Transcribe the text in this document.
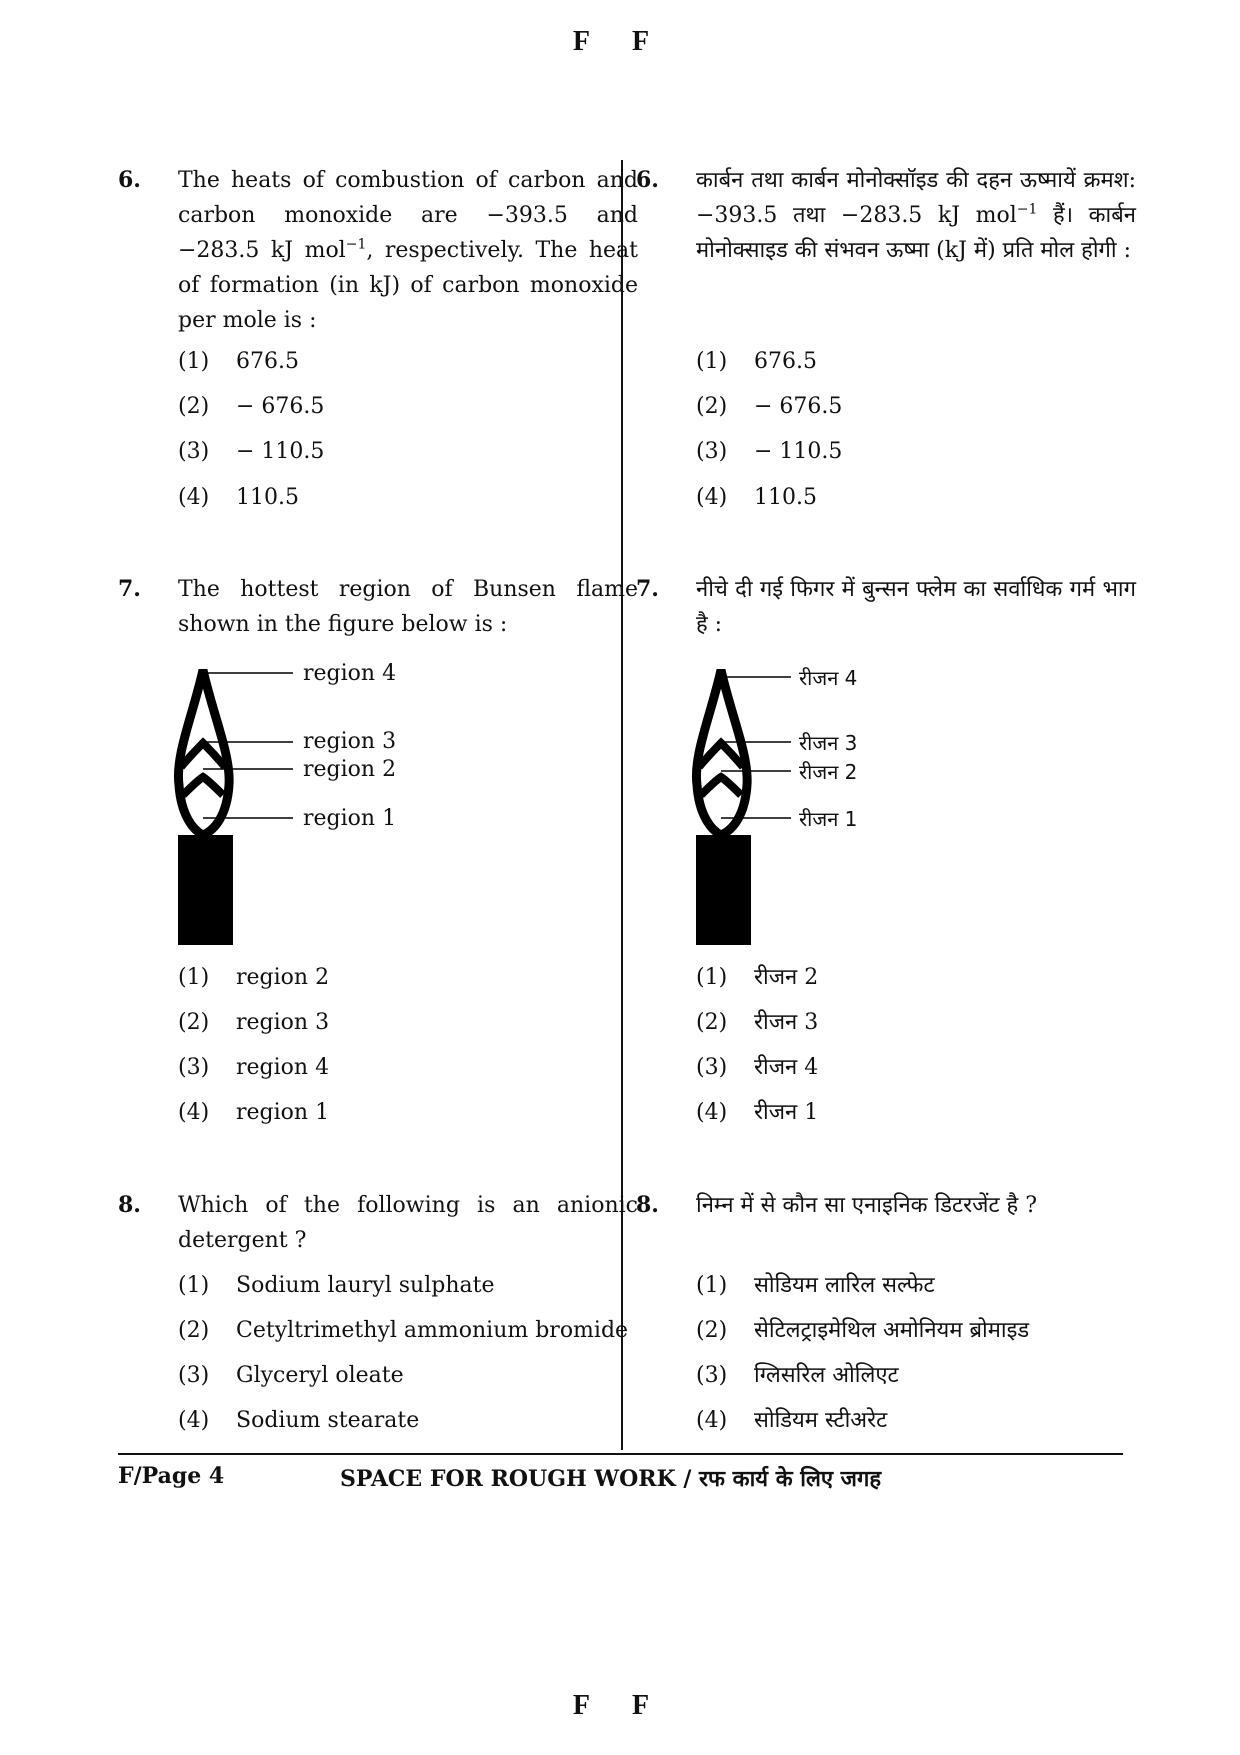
F F
6.	The heats of combustion of carbon and carbon monoxide are −393.5 and −283.5 kJ mol$^{-1}$, respectively. The heat of formation (in kJ) of carbon monoxide per mole is :
(1) 676.5
(2) − 676.5
(3) − 110.5
(4) 110.5
7.	The hottest region of Bunsen flame shown in the figure below is :
region 4
region 3
region 2
region 1
(1) region 2
(2) region 3
(3) region 4
(4) region 1
8.	Which of the following is an anionic detergent ?
(1) Sodium lauryl sulphate
(2) Cetyltrimethyl ammonium bromide
(3) Glyceryl oleate
(4) Sodium stearate
6.	कार्बन तथा कार्बन मोनोक्सॉइड की दहन ऊष्मायें क्रमश: −393.5 तथा −283.5 kJ mol$^{-1}$ हैं। कार्बन मोनोक्साइड की संभवन ऊष्मा (kJ में) प्रति मोल होगी :
(1) 676.5
(2) − 676.5
(3) − 110.5
(4) 110.5
7.	नीचे दी गई फिगर में बुन्सन फ्लेम का सर्वाधिक गर्म भाग है :
रीजन 4
रीजन 3
रीजन 2
रीजन 1
(1) रीजन 2
(2) रीजन 3
(3) रीजन 4
(4) रीजन 1
8.	निम्न में से कौन सा एनाइनिक डिटरजेंट है ?
(1) सोडियम लारिल सल्फेट
(2) सेटिलट्राइमेथिल अमोनियम ब्रोमाइड
(3) ग्लिसरिल ओलिएट
(4) सोडियम स्टीअरेट
F/Page 4	SPACE FOR ROUGH WORK / रफ कार्य के लिए जगह
F F
